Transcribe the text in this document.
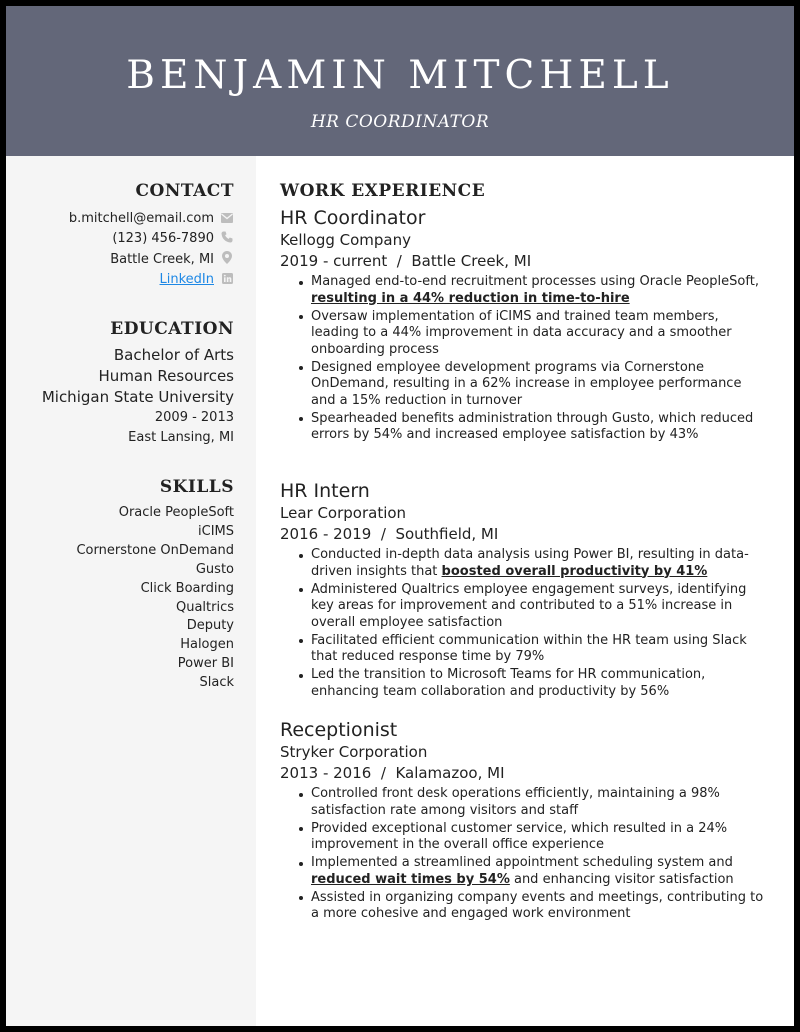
BENJAMIN MITCHELL
HR COORDINATOR
CONTACT
b.mitchell@email.com
(123) 456-7890
Battle Creek, MI
LinkedIn
EDUCATION
Bachelor of Arts
Human Resources
Michigan State University
2009 - 2013
East Lansing, MI
SKILLS
Oracle PeopleSoft
iCIMS
Cornerstone OnDemand
Gusto
Click Boarding
Qualtrics
Deputy
Halogen
Power BI
Slack
WORK EXPERIENCE
HR Coordinator
Kellogg Company
2019 - current  /  Battle Creek, MI
Managed end-to-end recruitment processes using Oracle PeopleSoft, resulting in a 44% reduction in time-to-hire
Oversaw implementation of iCIMS and trained team members, leading to a 44% improvement in data accuracy and a smoother onboarding process
Designed employee development programs via Cornerstone OnDemand, resulting in a 62% increase in employee performance and a 15% reduction in turnover
Spearheaded benefits administration through Gusto, which reduced errors by 54% and increased employee satisfaction by 43%
HR Intern
Lear Corporation
2016 - 2019  /  Southfield, MI
Conducted in-depth data analysis using Power BI, resulting in data-driven insights that boosted overall productivity by 41%
Administered Qualtrics employee engagement surveys, identifying key areas for improvement and contributed to a 51% increase in overall employee satisfaction
Facilitated efficient communication within the HR team using Slack that reduced response time by 79%
Led the transition to Microsoft Teams for HR communication, enhancing team collaboration and productivity by 56%
Receptionist
Stryker Corporation
2013 - 2016  /  Kalamazoo, MI
Controlled front desk operations efficiently, maintaining a 98% satisfaction rate among visitors and staff
Provided exceptional customer service, which resulted in a 24% improvement in the overall office experience
Implemented a streamlined appointment scheduling system and reduced wait times by 54% and enhancing visitor satisfaction
Assisted in organizing company events and meetings, contributing to a more cohesive and engaged work environment
